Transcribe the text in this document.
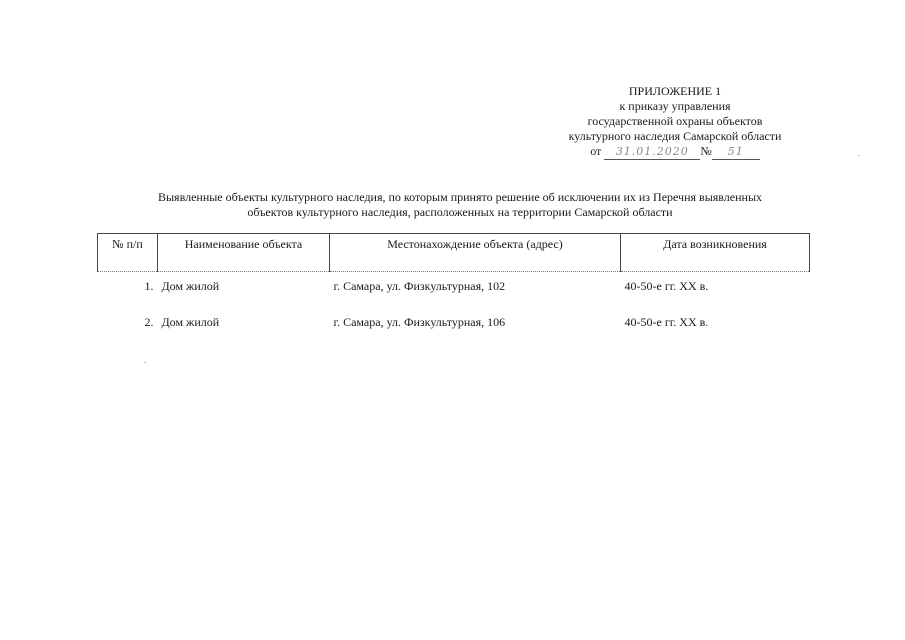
ПРИЛОЖЕНИЕ 1
к приказу управления
государственной охраны объектов
культурного наследия Самарской области
от 31.01.2020 № 51
Выявленные объекты культурного наследия, по которым принято решение об исключении их из Перечня выявленных
объектов культурного наследия, расположенных на территории Самарской области
№ п/п	Наименование объекта	Местонахождение объекта (адрес)	Дата возникновения
1.	Дом жилой	г. Самара, ул. Физкультурная, 102	40-50-е гг. XX в.
2.	Дом жилой	г. Самара, ул. Физкультурная, 106	40-50-е гг. XX в.
